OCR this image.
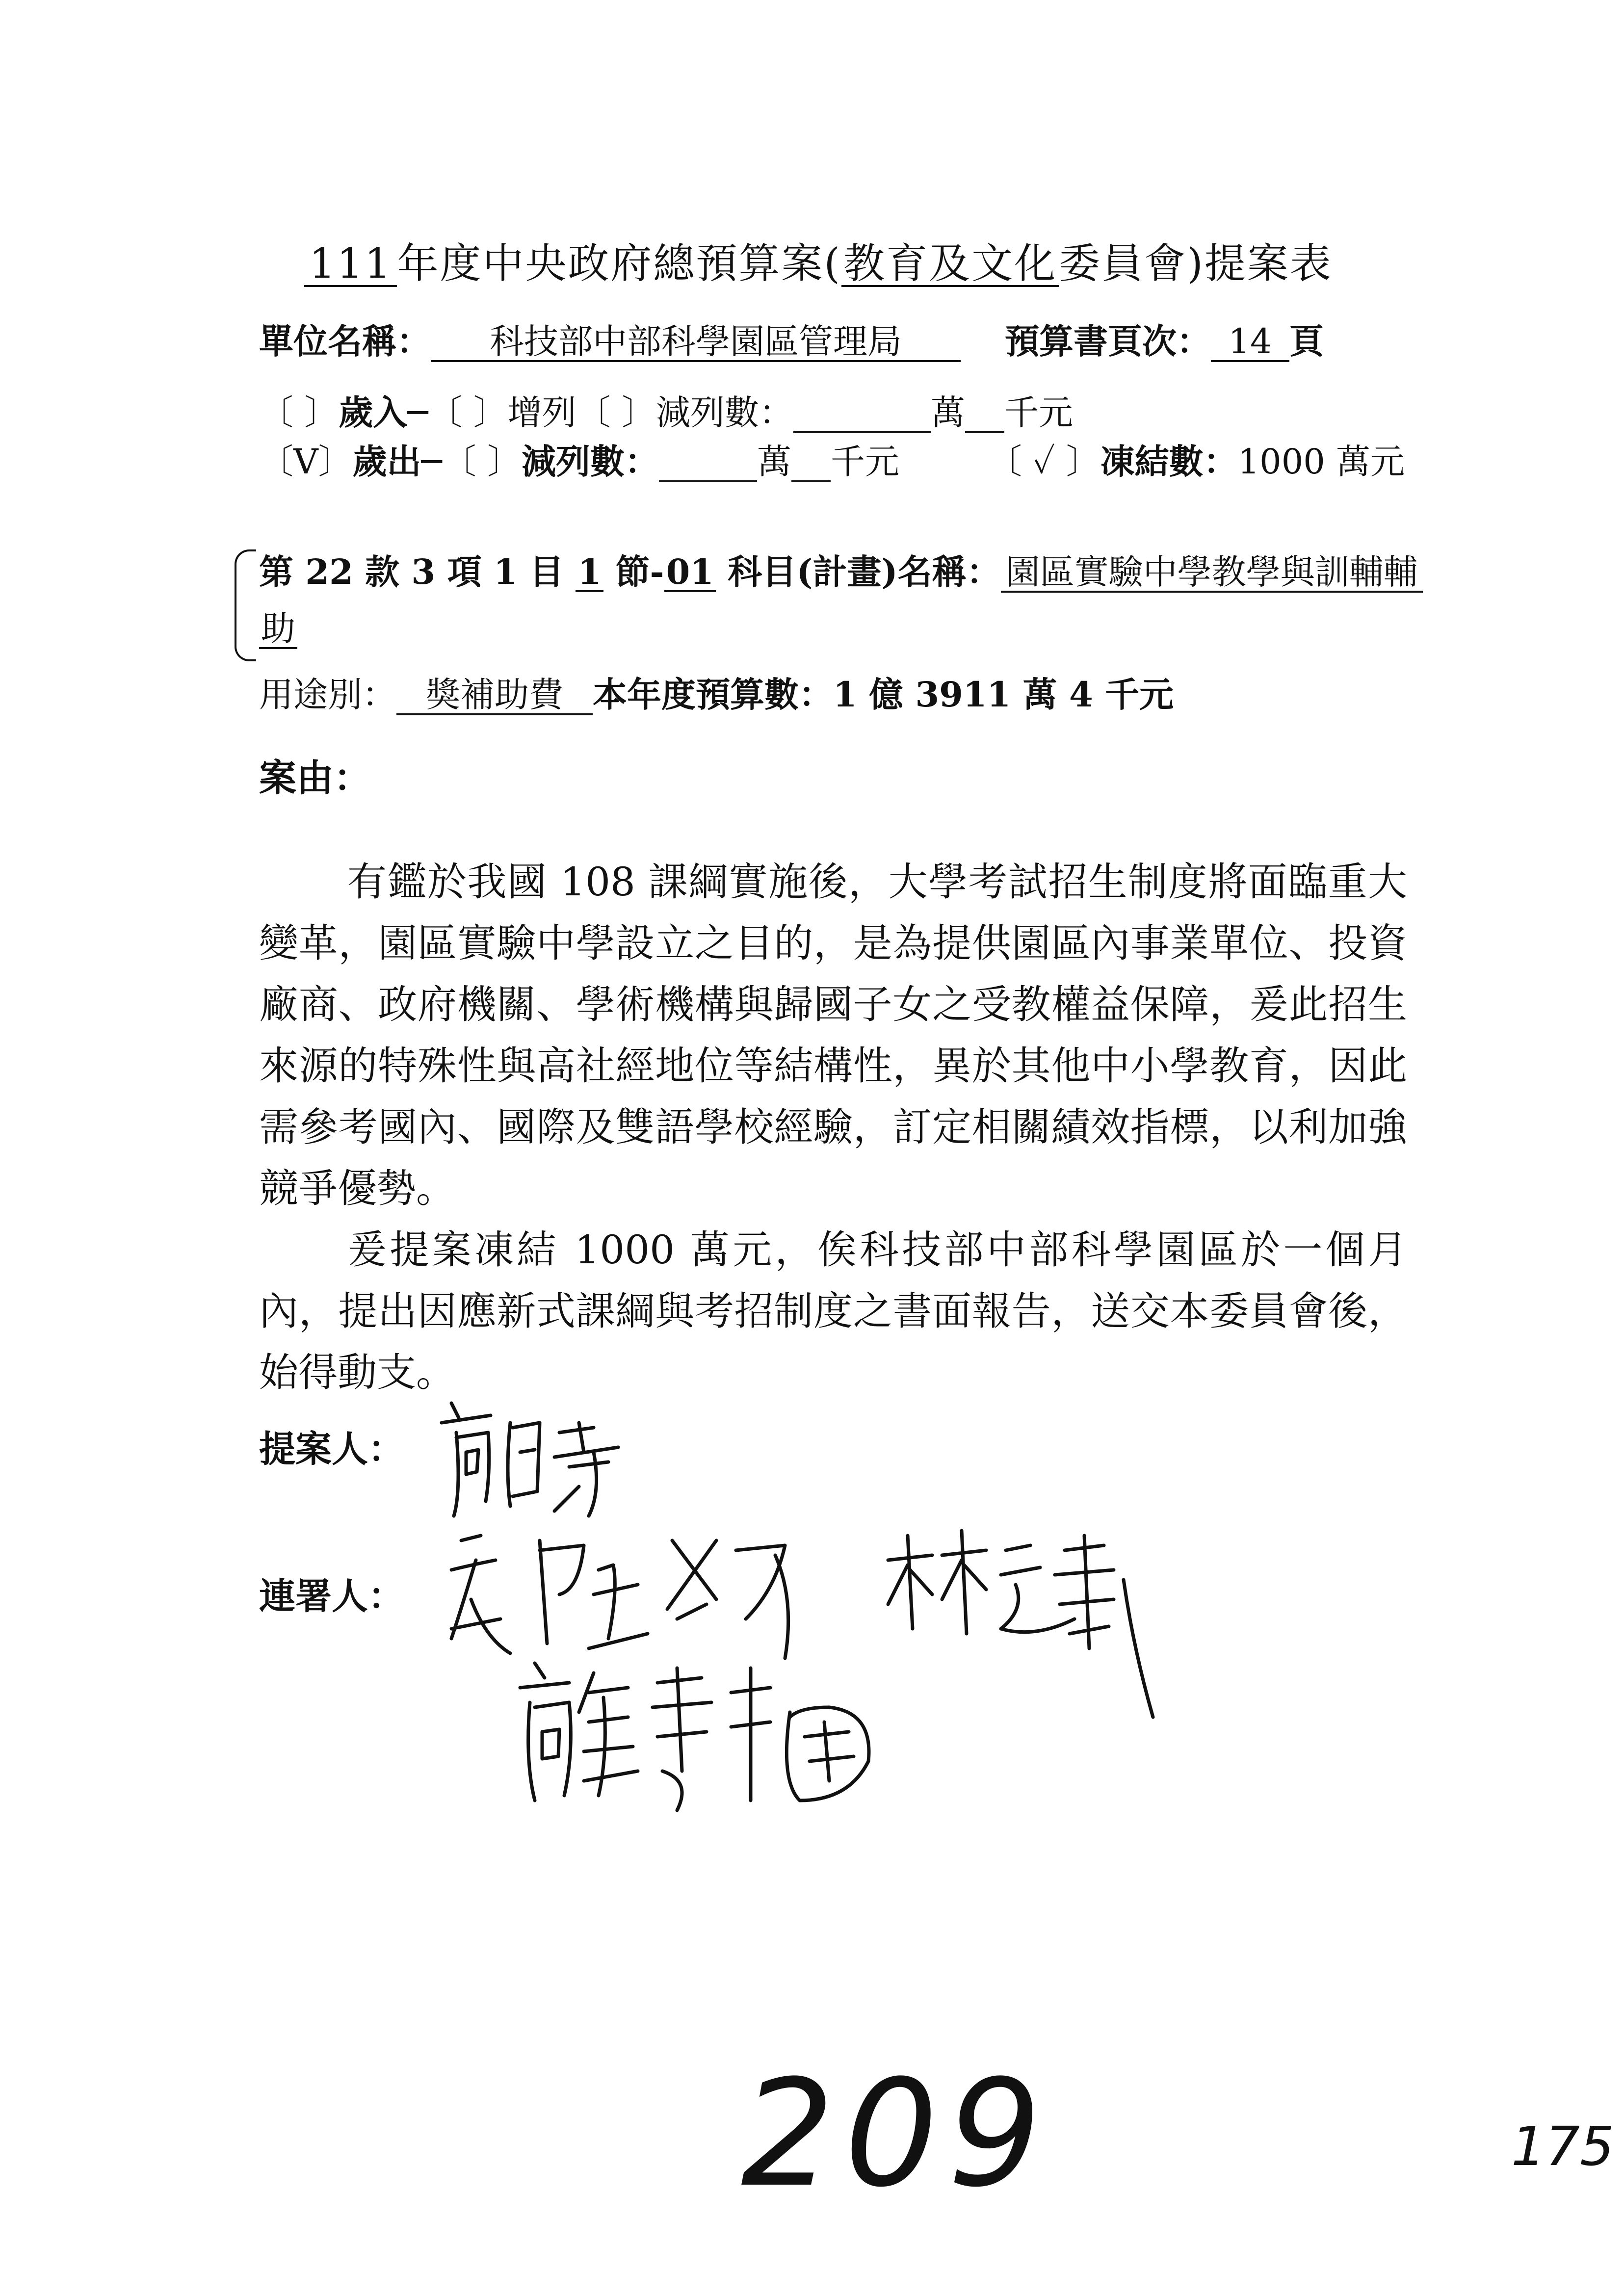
111 年度中央政府總預算案(教育及文化委員會)提案表
單位名稱： 科技部中部科學園區管理局	預算書頁次： 14 頁
〔 〕歲入─〔 〕增列〔 〕減列數：	萬 千元
〔V〕歲出─〔 〕減列數：	萬 千元	〔 ✓ 〕凍結數：1000 萬元
第 22 款 3 項 1 目 1 節-01 科目(計畫)名稱： 園區實驗中學教學與訓輔輔
助
用途別： 獎補助費 本年度預算數：1 億 3911 萬 4 千元
案由：
有鑑於我國 108 課綱實施後，大學考試招生制度將面臨重大變革，園區實驗中學設立之目的，是為提供園區內事業單位、投資廠商、政府機關、學術機構與歸國子女之受教權益保障，爰此招生來源的特殊性與高社經地位等結構性，異於其他中小學教育，因此需參考國內、國際及雙語學校經驗，訂定相關績效指標，以利加強競爭優勢。
爰提案凍結 1000 萬元，俟科技部中部科學園區於一個月內，提出因應新式課綱與考招制度之書面報告，送交本委員會後，始得動支。
提案人：
連署人：
209	175
